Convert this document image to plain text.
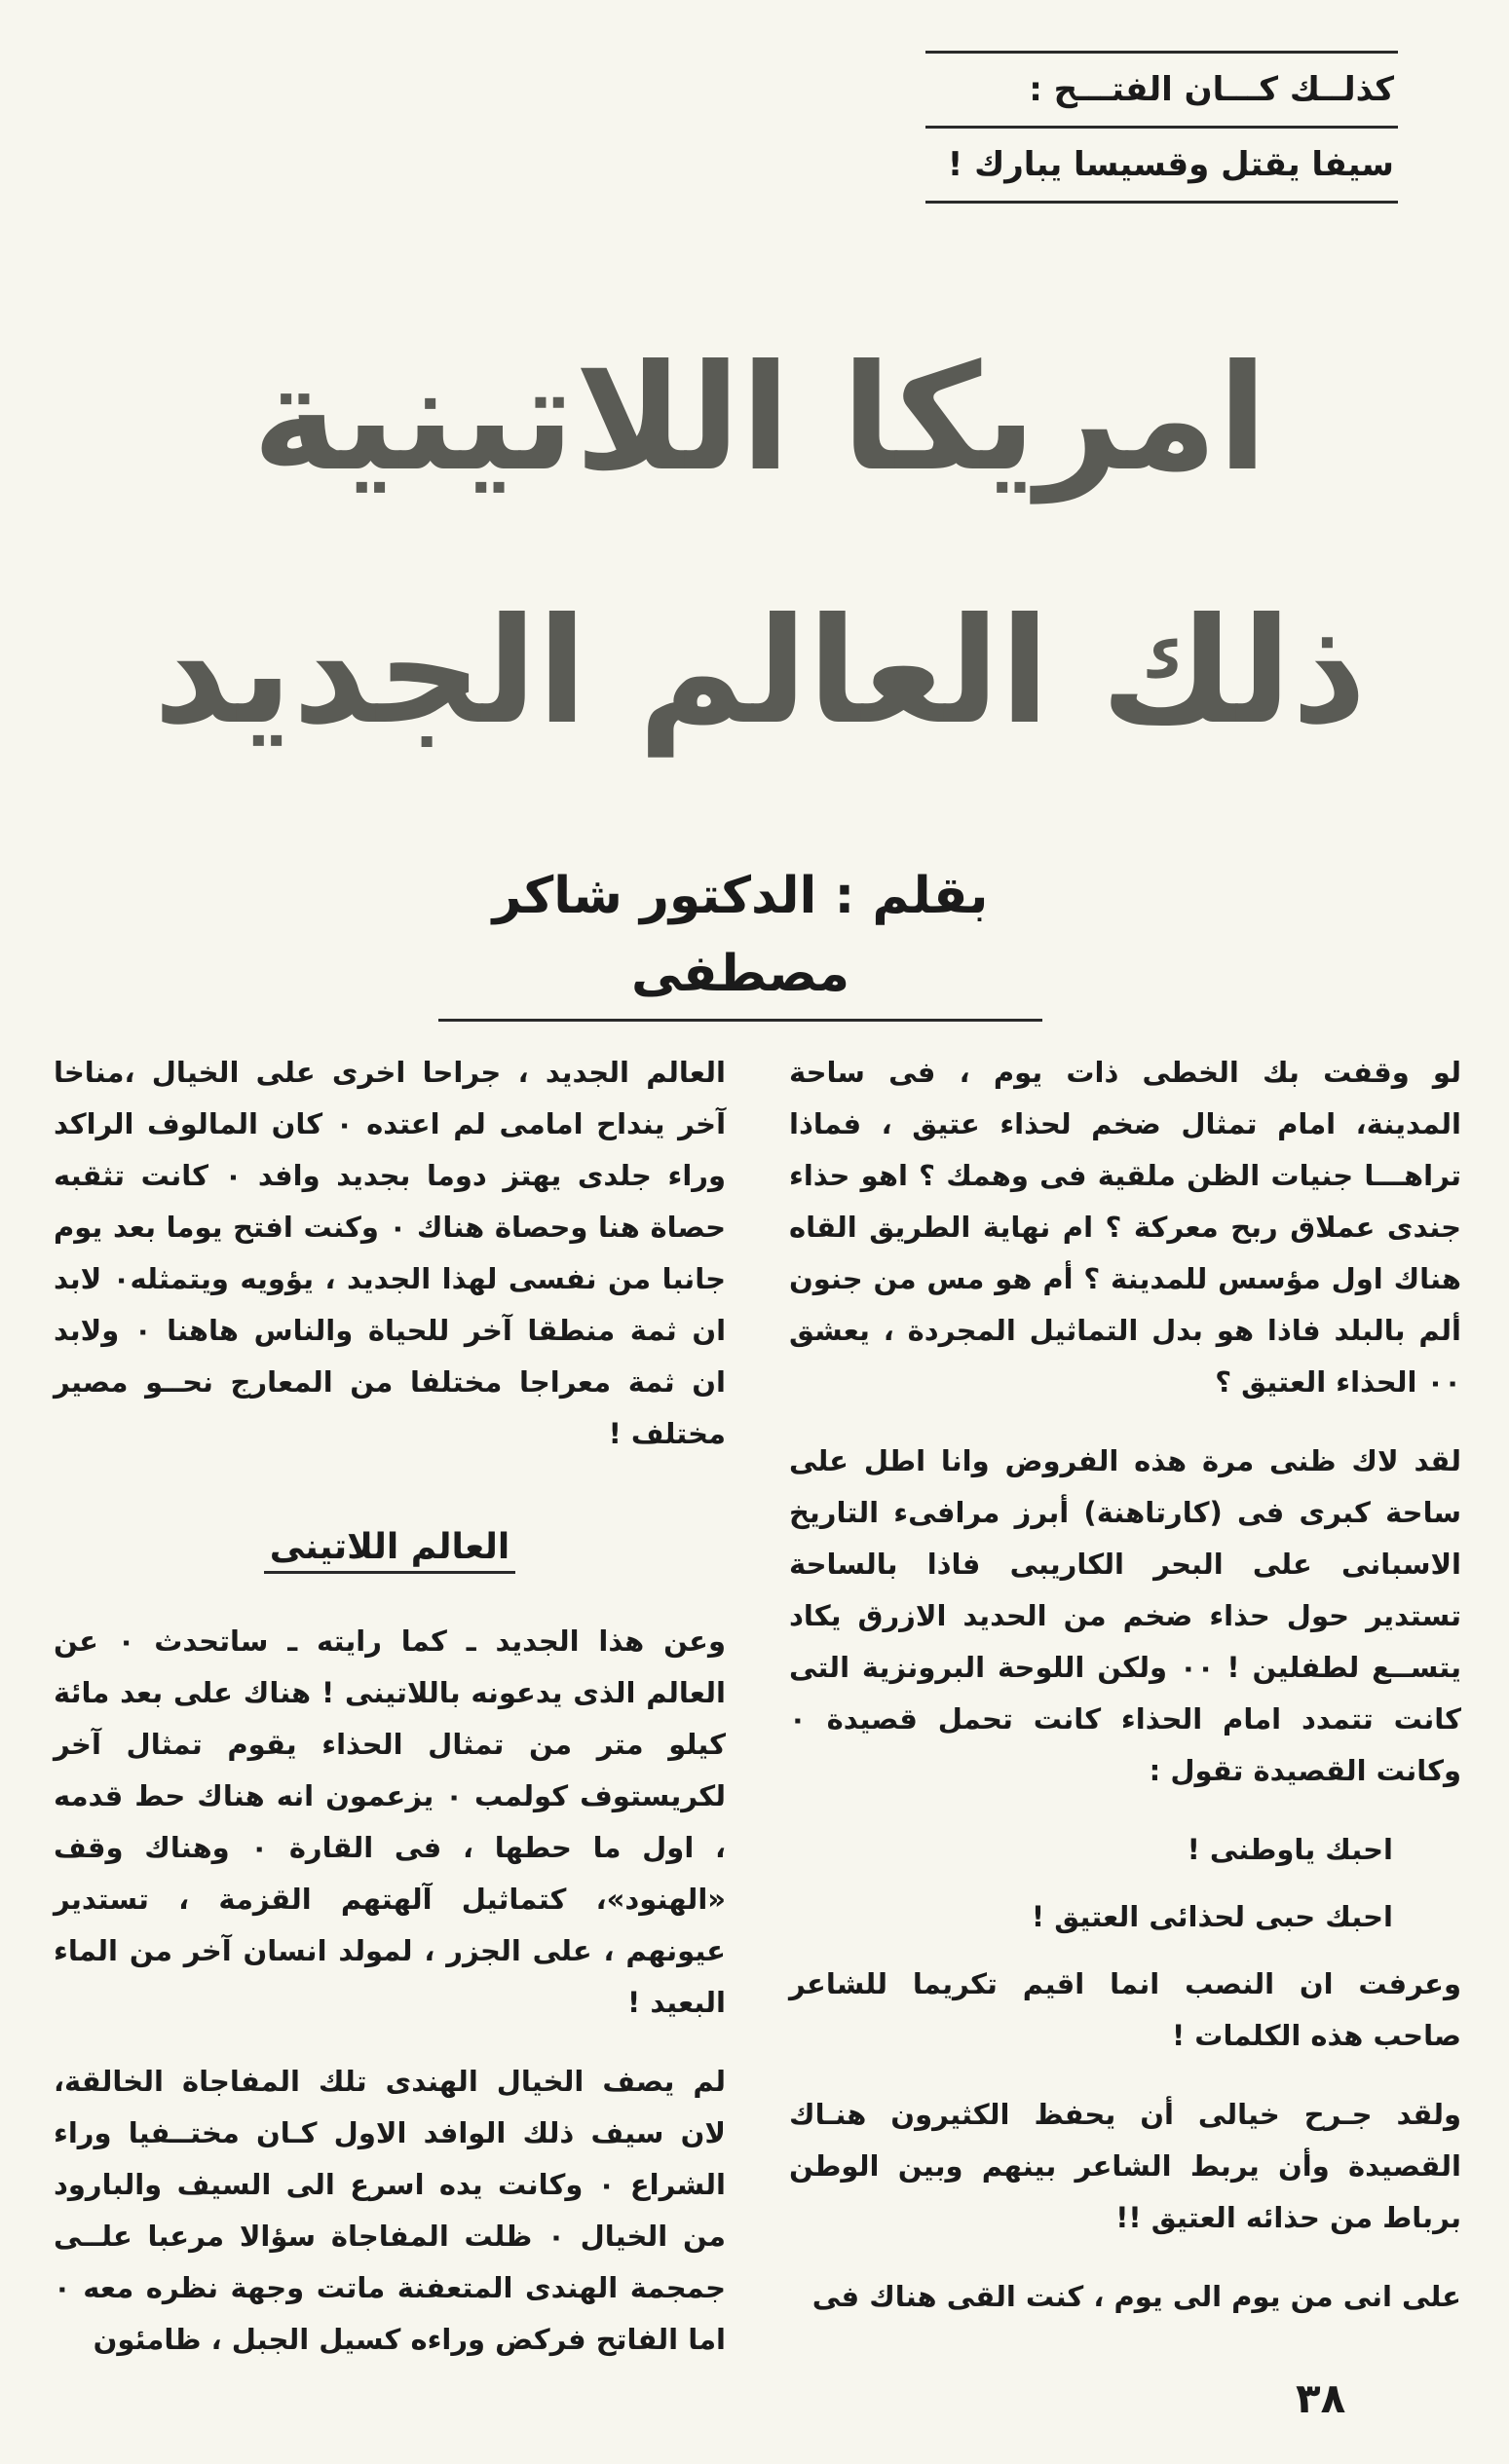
كذلــك كـــان الفتـــح :
سيفا يقتل وقسيسا يبارك !
امريكا اللاتينية
ذلك العالم الجديد
بقلم : الدكتور شاكر مصطفى

لو وقفت بك الخطى ذات يوم ، فى ساحة المدينة، امام تمثال ضخم لحذاء عتيق ، فماذا تراهـــا جنيات الظن ملقية فى وهمك ؟ اهو حذاء جندى عملاق ربح معركة ؟ ام نهاية الطريق القاه هناك اول مؤسس للمدينة ؟ أم هو مس من جنون ألم بالبلد فاذا هو بدل التماثيل المجردة ، يعشق ٠٠ الحذاء العتيق ؟

لقد لاك ظنى مرة هذه الفروض وانا اطل على ساحة كبرى فى (كارتاهنة) أبرز مرافىء التاريخ الاسبانى على البحر الكاريبى فاذا بالساحة تستدير حول حذاء ضخم من الحديد الازرق يكاد يتســع لطفلين ! ٠٠ ولكن اللوحة البرونزية التى كانت تتمدد امام الحذاء كانت تحمل قصيدة ٠ وكانت القصيدة تقول :

احبك ياوطنى !

احبك حبى لحذائى العتيق !

وعرفت ان النصب انما اقيم تكريما للشاعر صاحب هذه الكلمات !

ولقد جـرح خيالى أن يحفظ الكثيرون هنـاك القصيدة وأن يربط الشاعر بينهم وبين الوطن برباط من حذائه العتيق !!

على انى من يوم الى يوم ، كنت القى هناك فى

العالم الجديد ، جراحا اخرى على الخيال ،مناخا آخر ينداح امامى لم اعتده ٠ كان المالوف الراكد وراء جلدى يهتز دوما بجديد وافد ٠ كانت تثقبه حصاة هنا وحصاة هناك ٠ وكنت افتح يوما بعد يوم جانبا من نفسى لهذا الجديد ، يؤويه ويتمثله٠ لابد ان ثمة منطقا آخر للحياة والناس هاهنا ٠ ولابد ان ثمة معراجا مختلفا من المعارج نحــو مصير مختلف !

العالم اللاتينى

وعن هذا الجديد ـ كما رايته ـ ساتحدث ٠ عن العالم الذى يدعونه باللاتينى ! هناك على بعد مائة كيلو متر من تمثال الحذاء يقوم تمثال آخر لكريستوف كولمب ٠ يزعمون انه هناك حط قدمه ، اول ما حطها ، فى القارة ٠ وهناك وقف «الهنود»، كتماثيل آلهتهم القزمة ، تستدير عيونهم ، على الجزر ، لمولد انسان آخر من الماء البعيد !

لم يصف الخيال الهندى تلك المفاجاة الخالقة، لان سيف ذلك الوافد الاول كـان مختــفيا وراء الشراع ٠ وكانت يده اسرع الى السيف والبارود من الخيال ٠ ظلت المفاجاة سؤالا مرعبا علــى جمجمة الهندى المتعفنة ماتت وجهة نظره معه ٠ اما الفاتح فركض وراءه كسيل الجبل ، ظامئون

٣٨
